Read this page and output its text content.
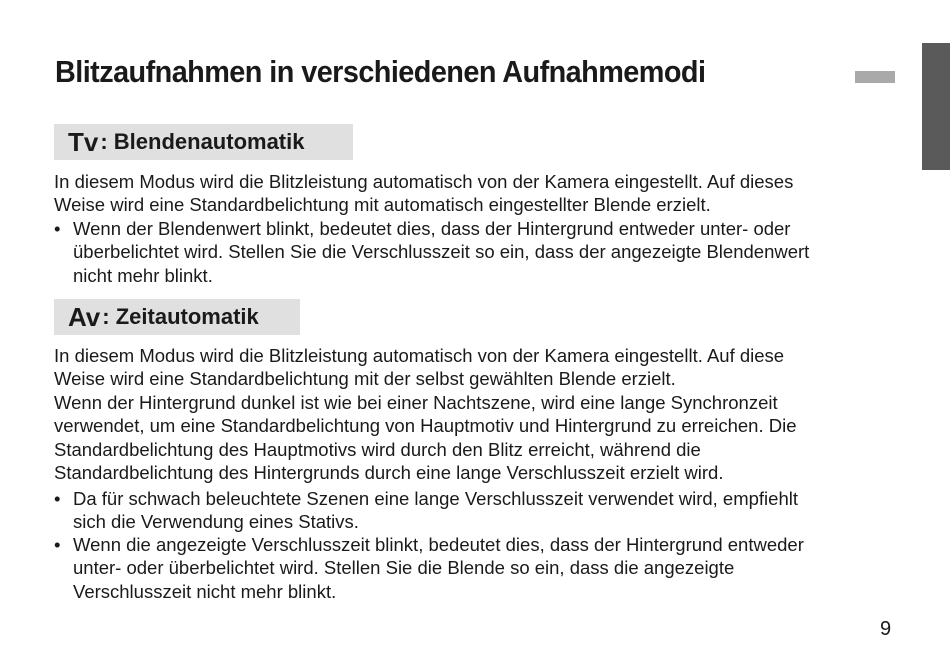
Blitzaufnahmen in verschiedenen Aufnahmemodi
Tv : Blendenautomatik
In diesem Modus wird die Blitzleistung automatisch von der Kamera eingestellt. Auf dieses
Weise wird eine Standardbelichtung mit automatisch eingestellter Blende erzielt.
• Wenn der Blendenwert blinkt, bedeutet dies, dass der Hintergrund entweder unter- oder
überbelichtet wird. Stellen Sie die Verschlusszeit so ein, dass der angezeigte Blendenwert
nicht mehr blinkt.
Av : Zeitautomatik
In diesem Modus wird die Blitzleistung automatisch von der Kamera eingestellt. Auf diese
Weise wird eine Standardbelichtung mit der selbst gewählten Blende erzielt.
Wenn der Hintergrund dunkel ist wie bei einer Nachtszene, wird eine lange Synchronzeit
verwendet, um eine Standardbelichtung von Hauptmotiv und Hintergrund zu erreichen. Die
Standardbelichtung des Hauptmotivs wird durch den Blitz erreicht, während die
Standardbelichtung des Hintergrunds durch eine lange Verschlusszeit erzielt wird.
• Da für schwach beleuchtete Szenen eine lange Verschlusszeit verwendet wird, empfiehlt
sich die Verwendung eines Stativs.
• Wenn die angezeigte Verschlusszeit blinkt, bedeutet dies, dass der Hintergrund entweder
unter- oder überbelichtet wird. Stellen Sie die Blende so ein, dass die angezeigte
Verschlusszeit nicht mehr blinkt.
9
